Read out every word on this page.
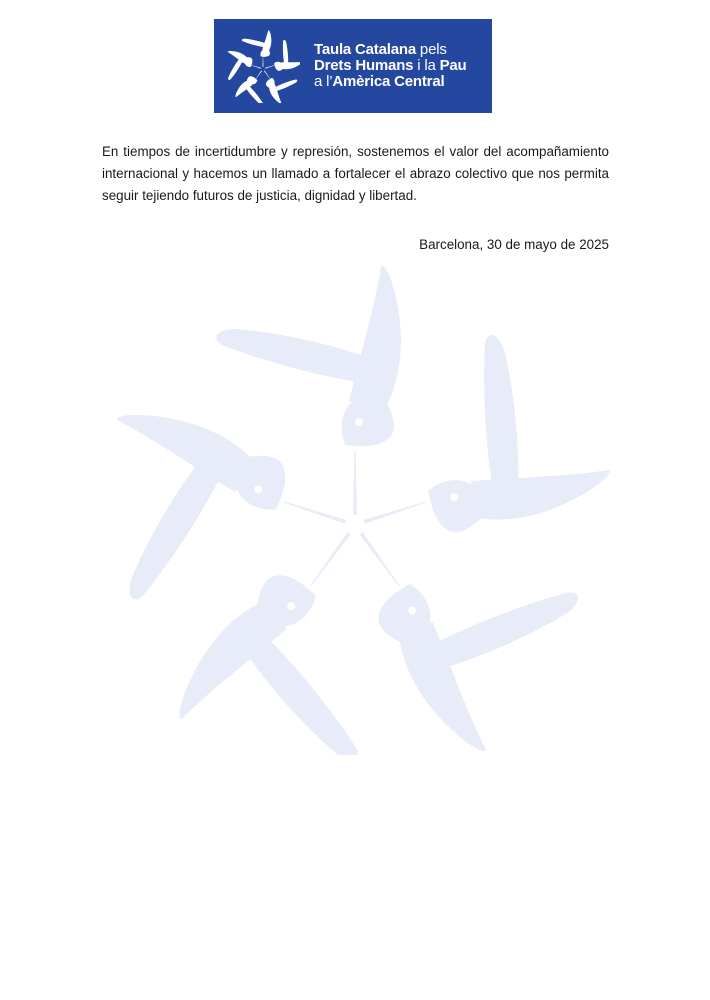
Taula Catalana pels
Drets Humans i la Pau
a l’Amèrica Central

En tiempos de incertidumbre y represión, sostenemos el valor del acompañamiento internacional y hacemos un llamado a fortalecer el abrazo colectivo que nos permita seguir tejiendo futuros de justicia, dignidad y libertad.

Barcelona, 30 de mayo de 2025
